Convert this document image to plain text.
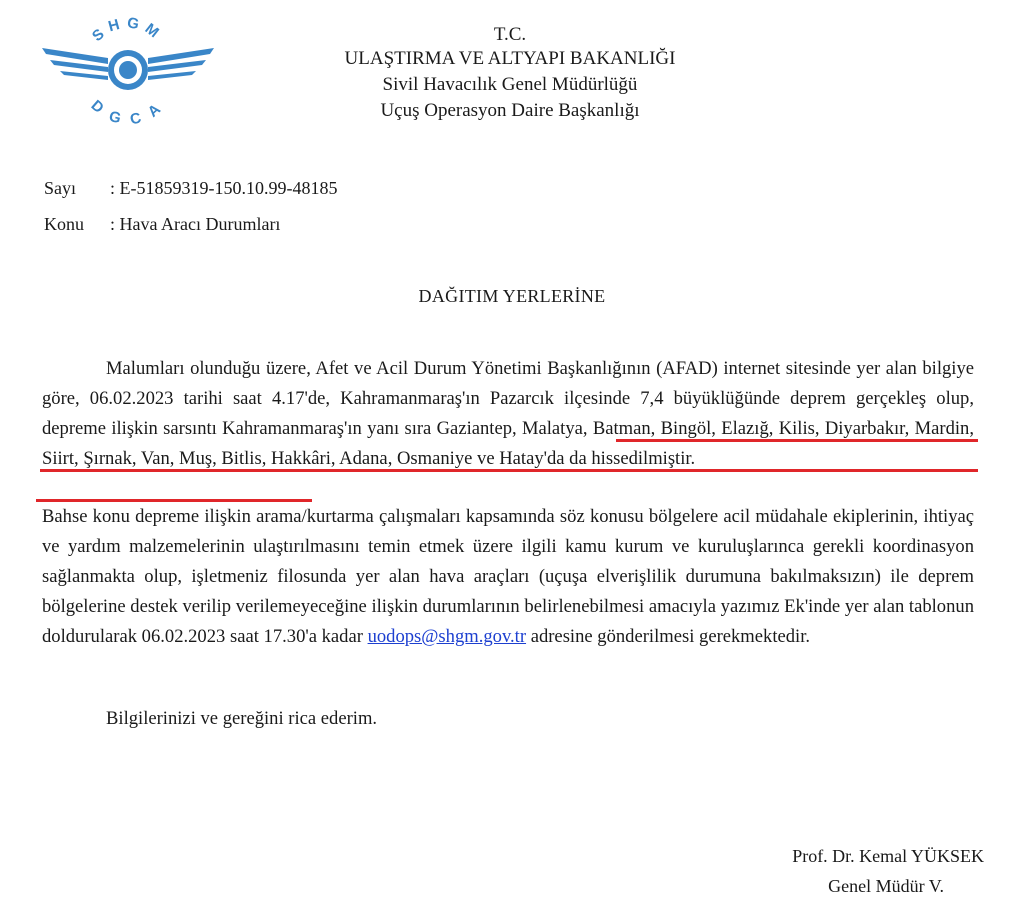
SHGM
DGCA
T.C.
ULAŞTIRMA VE ALTYAPI BAKANLIĞI
Sivil Havacılık Genel Müdürlüğü
Uçuş Operasyon Daire Başkanlığı
Sayı : E-51859319-150.10.99-48185
Konu : Hava Aracı Durumları
DAĞITIM YERLERİNE
Malumları olunduğu üzere, Afet ve Acil Durum Yönetimi Başkanlığının (AFAD) internet sitesinde yer alan bilgiye göre, 06.02.2023 tarihi saat 4.17'de, Kahramanmaraş'ın Pazarcık ilçesinde 7,4 büyüklüğünde deprem gerçekleş olup, depreme ilişkin sarsıntı Kahramanmaraş'ın yanı sıra Gaziantep, Malatya, Batman, Bingöl, Elazığ, Kilis, Diyarbakır, Mardin, Siirt, Şırnak, Van, Muş, Bitlis, Hakkâri, Adana, Osmaniye ve Hatay'da da hissedilmiştir.
Bahse konu depreme ilişkin arama/kurtarma çalışmaları kapsamında söz konusu bölgelere acil müdahale ekiplerinin, ihtiyaç ve yardım malzemelerinin ulaştırılmasını temin etmek üzere ilgili kamu kurum ve kuruluşlarınca gerekli koordinasyon sağlanmakta olup, işletmeniz filosunda yer alan hava araçları (uçuşa elverişlilik durumuna bakılmaksızın) ile deprem bölgelerine destek verilip verilemeyeceğine ilişkin durumlarının belirlenebilmesi amacıyla yazımız Ek'inde yer alan tablonun doldurularak 06.02.2023 saat 17.30'a kadar uodops@shgm.gov.tr adresine gönderilmesi gerekmektedir.
Bilgilerinizi ve gereğini rica ederim.
Prof. Dr. Kemal YÜKSEK
Genel Müdür V.
